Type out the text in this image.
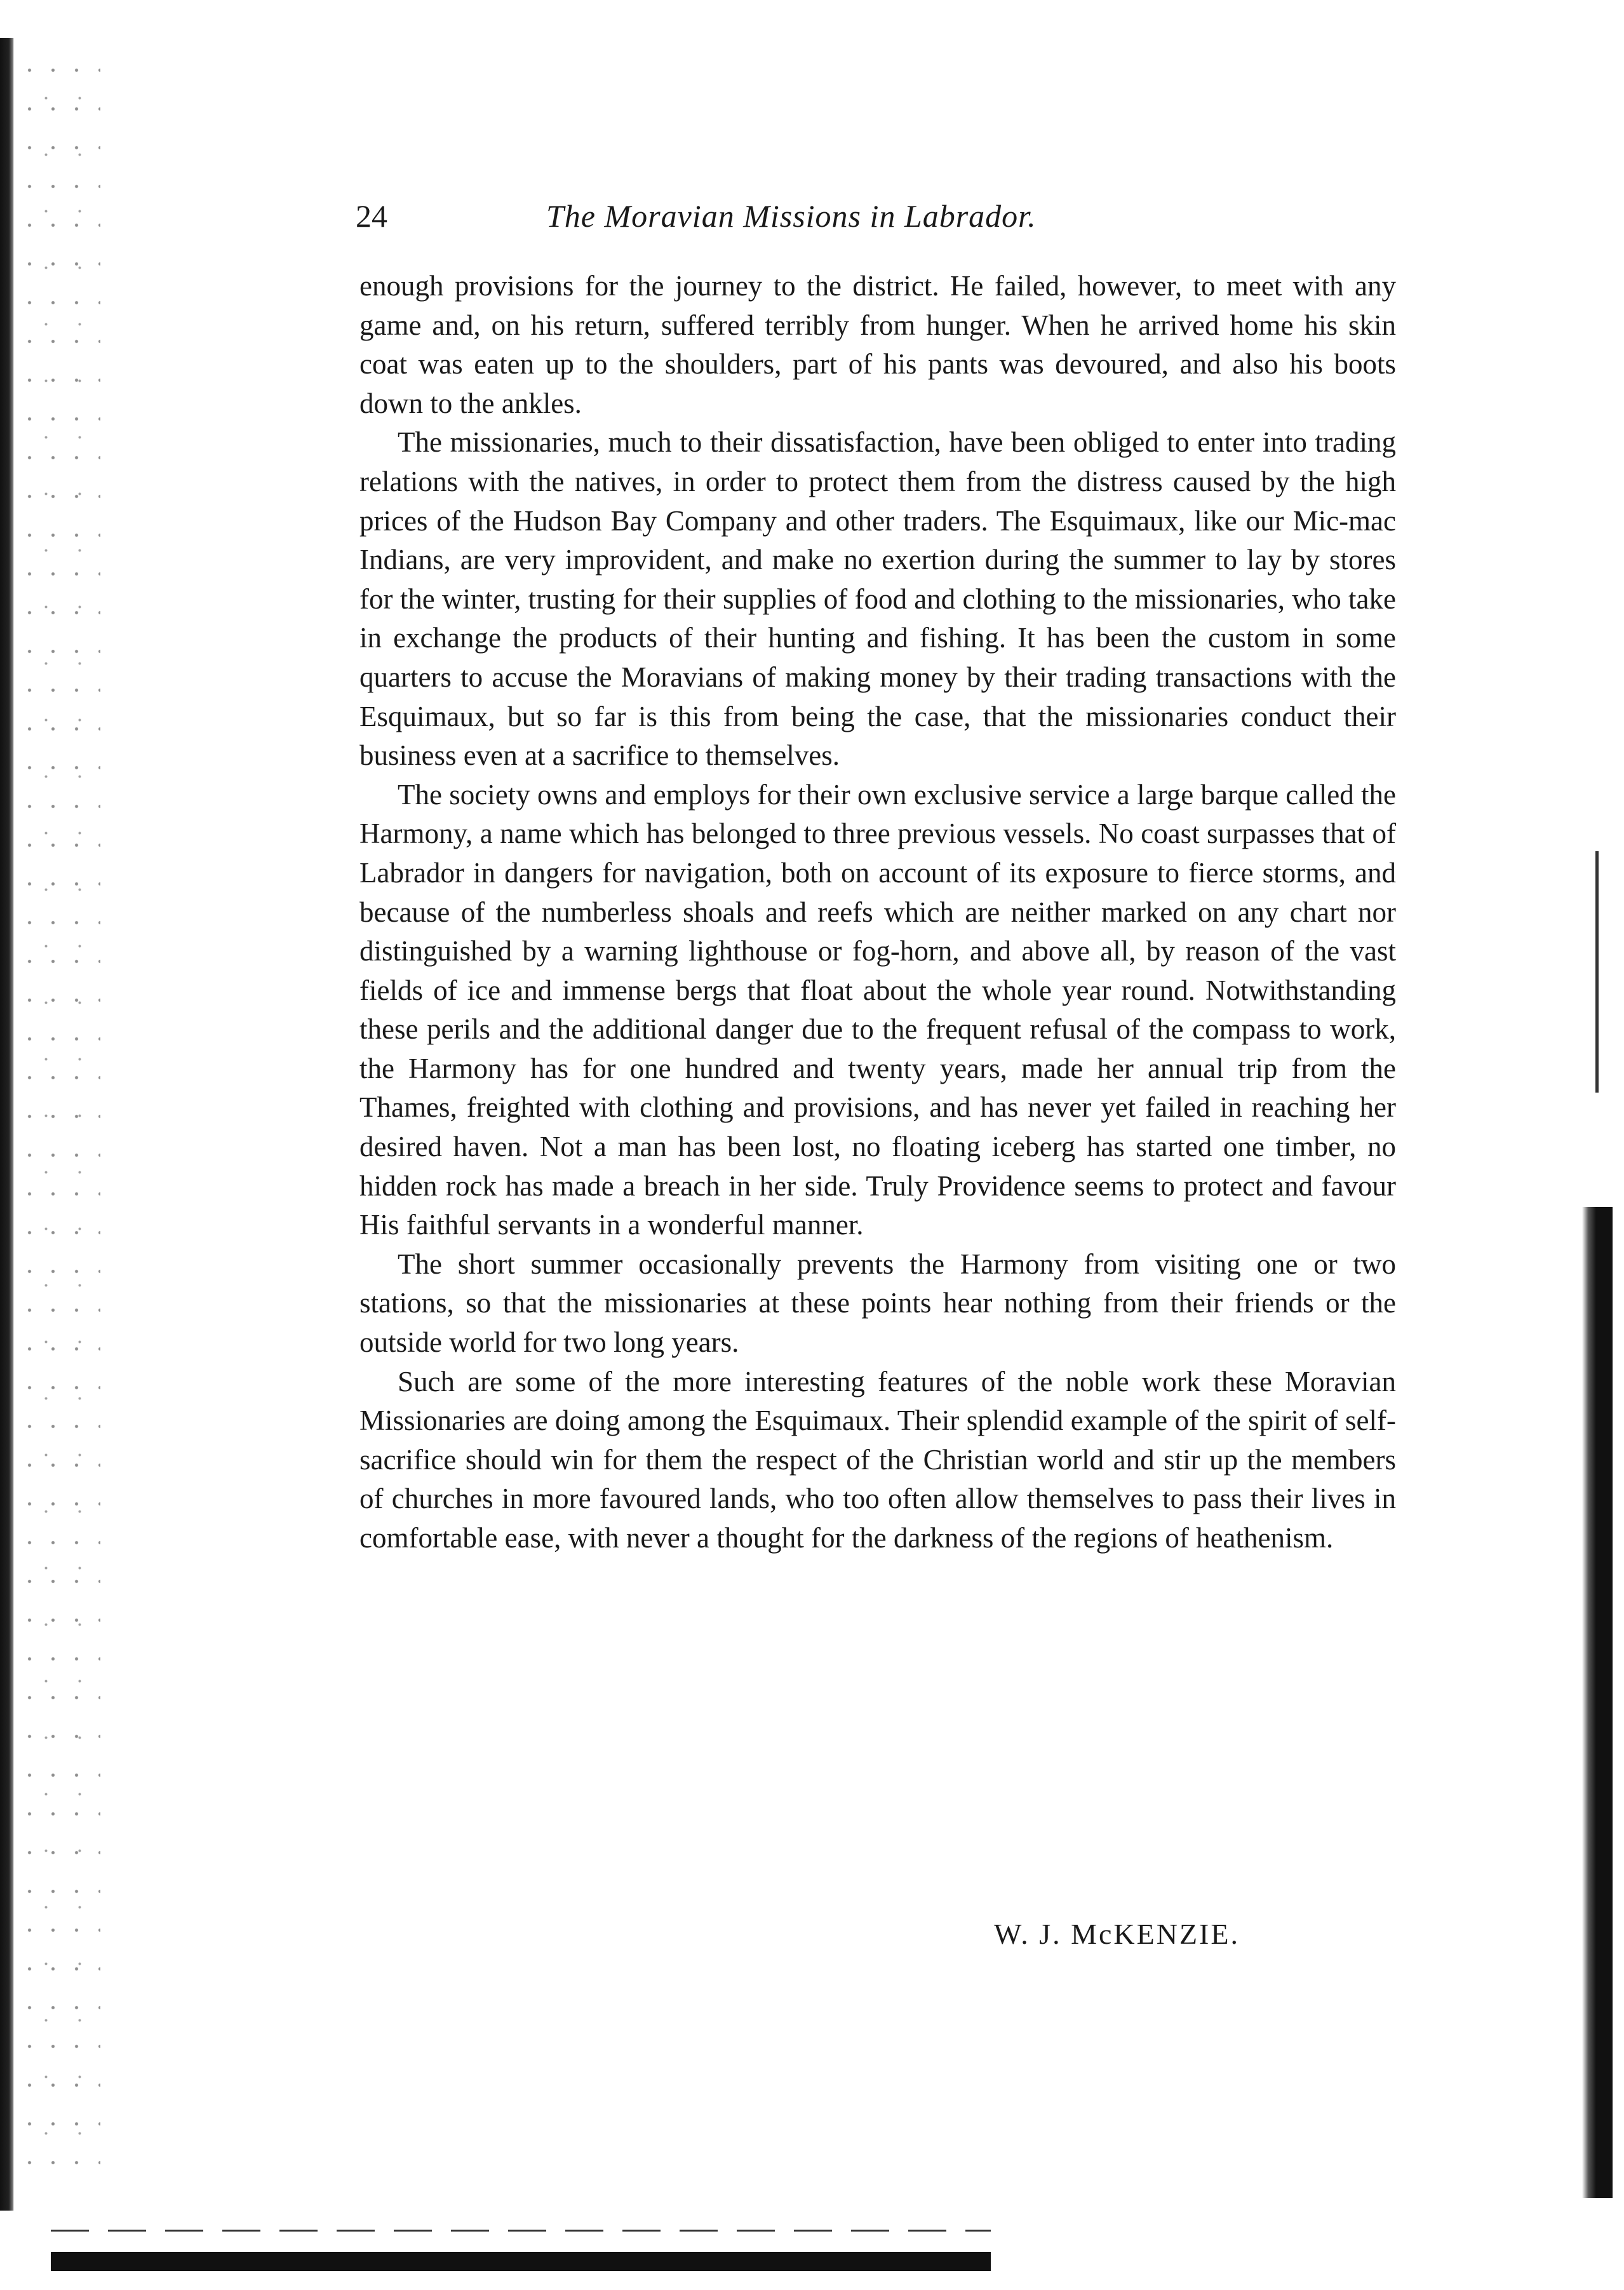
24	The Moravian Missions in Labrador.

enough provisions for the journey to the district. He failed, however, to meet with any game and, on his return, suffered terribly from hunger. When he arrived home his skin coat was eaten up to the shoulders, part of his pants was devoured, and also his boots down to the ankles.

The missionaries, much to their dissatisfaction, have been obliged to enter into trading relations with the natives, in order to protect them from the distress caused by the high prices of the Hudson Bay Company and other traders. The Esquimaux, like our Mic-mac Indians, are very improvident, and make no exertion during the summer to lay by stores for the winter, trusting for their supplies of food and clothing to the missionaries, who take in exchange the products of their hunting and fishing. It has been the custom in some quarters to accuse the Moravians of making money by their trading transactions with the Esquimaux, but so far is this from being the case, that the missionaries conduct their business even at a sacrifice to themselves.

The society owns and employs for their own exclusive service a large barque called the Harmony, a name which has belonged to three previous vessels. No coast surpasses that of Labrador in dangers for navigation, both on account of its exposure to fierce storms, and because of the numberless shoals and reefs which are neither marked on any chart nor distinguished by a warning lighthouse or fog-horn, and above all, by reason of the vast fields of ice and immense bergs that float about the whole year round. Notwithstanding these perils and the additional danger due to the frequent refusal of the compass to work, the Harmony has for one hundred and twenty years, made her annual trip from the Thames, freighted with clothing and provisions, and has never yet failed in reaching her desired haven. Not a man has been lost, no floating iceberg has started one timber, no hidden rock has made a breach in her side. Truly Providence seems to protect and favour His faithful servants in a wonderful manner.

The short summer occasionally prevents the Harmony from visiting one or two stations, so that the missionaries at these points hear nothing from their friends or the outside world for two long years.

Such are some of the more interesting features of the noble work these Moravian Missionaries are doing among the Esquimaux. Their splendid example of the spirit of self-sacrifice should win for them the respect of the Christian world and stir up the members of churches in more favoured lands, who too often allow themselves to pass their lives in comfortable ease, with never a thought for the darkness of the regions of heathenism.

W. J. McKENZIE.
